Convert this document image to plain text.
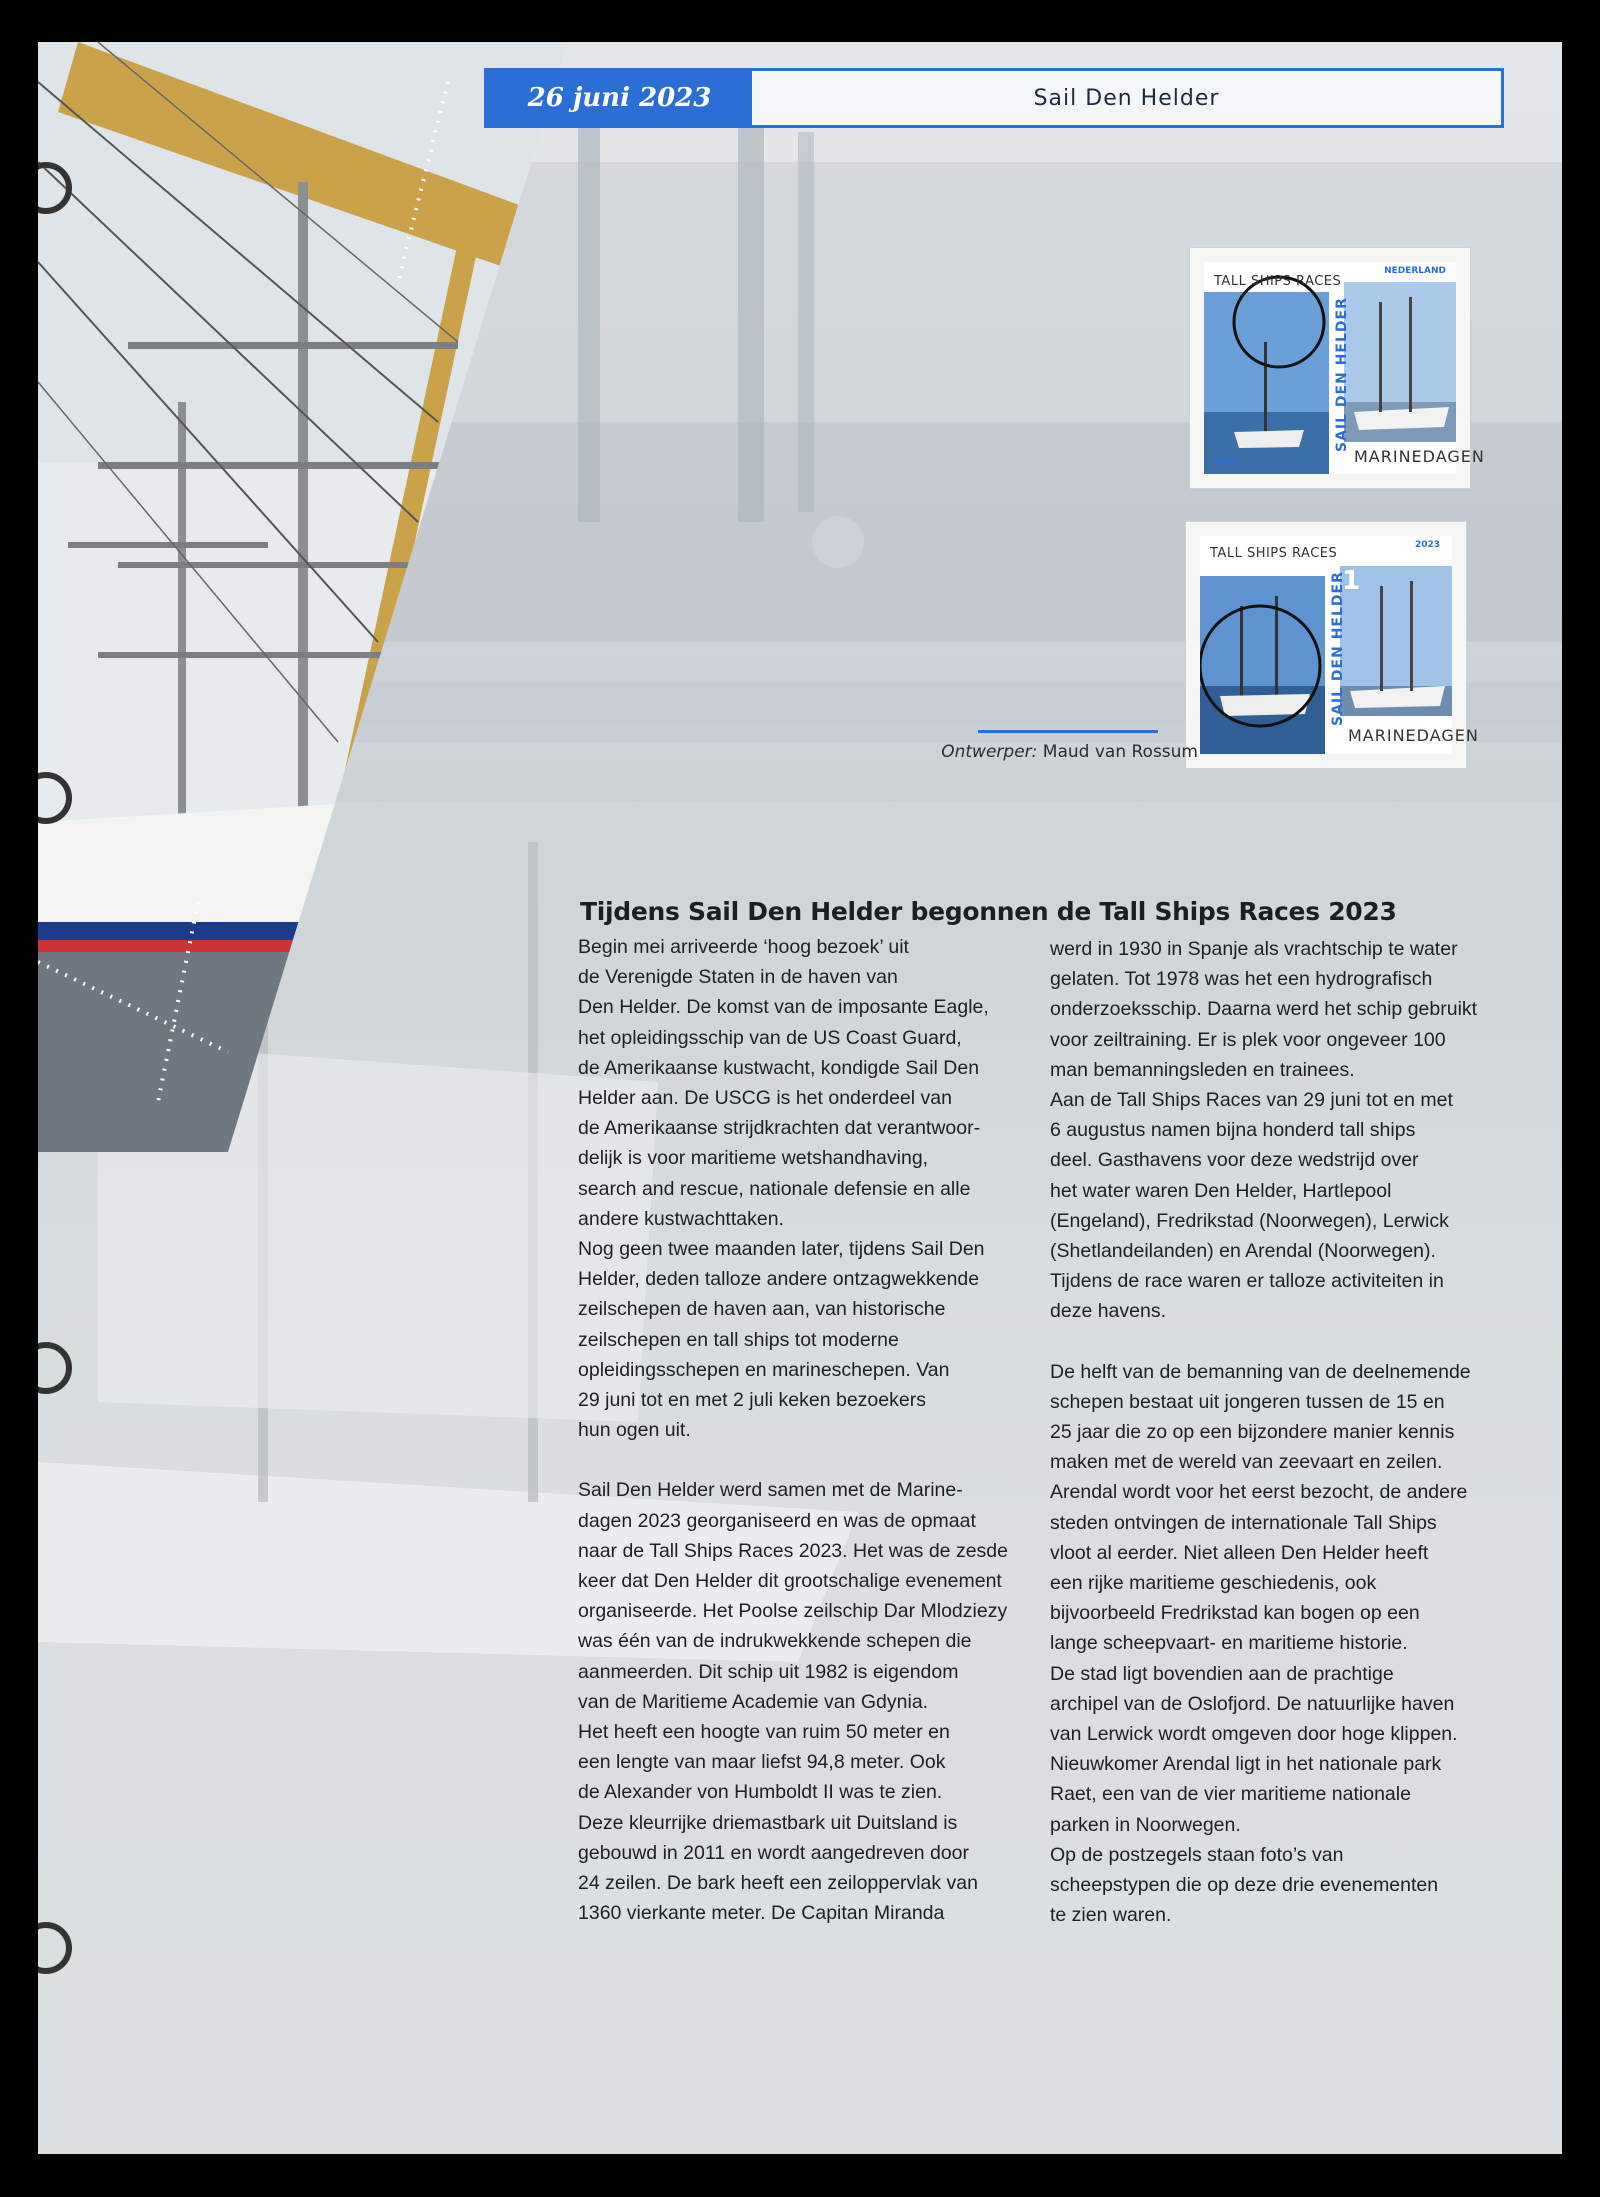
26 juni 2023	Sail Den Helder
TALL SHIPS RACES
NEDERLAND
SAIL DEN HELDER
MARINEDAGEN
2023
TALL SHIPS RACES
1
2023
SAIL DEN HELDER
MARINEDAGEN
Ontwerper: Maud van Rossum
Tijdens Sail Den Helder begonnen de Tall Ships Races 2023

Begin mei arriveerde ‘hoog bezoek’ uit
de Verenigde Staten in de haven van
Den Helder. De komst van de imposante Eagle,
het opleidingsschip van de US Coast Guard,
de Amerikaanse kustwacht, kondigde Sail Den
Helder aan. De USCG is het onderdeel van
de Amerikaanse strijdkrachten dat verantwoor-
delijk is voor maritieme wetshandhaving,
search and rescue, nationale defensie en alle
andere kustwachttaken.
Nog geen twee maanden later, tijdens Sail Den
Helder, deden talloze andere ontzagwekkende
zeilschepen de haven aan, van historische
zeilschepen en tall ships tot moderne
opleidingsschepen en marineschepen. Van
29 juni tot en met 2 juli keken bezoekers
hun ogen uit.

Sail Den Helder werd samen met de Marine-
dagen 2023 georganiseerd en was de opmaat
naar de Tall Ships Races 2023. Het was de zesde
keer dat Den Helder dit grootschalige evenement
organiseerde. Het Poolse zeilschip Dar Mlodziezy
was één van de indrukwekkende schepen die
aanmeerden. Dit schip uit 1982 is eigendom
van de Maritieme Academie van Gdynia.
Het heeft een hoogte van ruim 50 meter en
een lengte van maar liefst 94,8 meter. Ook
de Alexander von Humboldt II was te zien.
Deze kleurrijke driemastbark uit Duitsland is
gebouwd in 2011 en wordt aangedreven door
24 zeilen. De bark heeft een zeiloppervlak van
1360 vierkante meter. De Capitan Miranda

werd in 1930 in Spanje als vrachtschip te water
gelaten. Tot 1978 was het een hydrografisch
onderzoeksschip. Daarna werd het schip gebruikt
voor zeiltraining. Er is plek voor ongeveer 100
man bemanningsleden en trainees.
Aan de Tall Ships Races van 29 juni tot en met
6 augustus namen bijna honderd tall ships
deel. Gasthavens voor deze wedstrijd over
het water waren Den Helder, Hartlepool
(Engeland), Fredrikstad (Noorwegen), Lerwick
(Shetlandeilanden) en Arendal (Noorwegen).
Tijdens de race waren er talloze activiteiten in
deze havens.

De helft van de bemanning van de deelnemende
schepen bestaat uit jongeren tussen de 15 en
25 jaar die zo op een bijzondere manier kennis
maken met de wereld van zeevaart en zeilen.
Arendal wordt voor het eerst bezocht, de andere
steden ontvingen de internationale Tall Ships
vloot al eerder. Niet alleen Den Helder heeft
een rijke maritieme geschiedenis, ook
bijvoorbeeld Fredrikstad kan bogen op een
lange scheepvaart- en maritieme historie.
De stad ligt bovendien aan de prachtige
archipel van de Oslofjord. De natuurlijke haven
van Lerwick wordt omgeven door hoge klippen.
Nieuwkomer Arendal ligt in het nationale park
Raet, een van de vier maritieme nationale
parken in Noorwegen.
Op de postzegels staan foto’s van
scheepstypen die op deze drie evenementen
te zien waren.
